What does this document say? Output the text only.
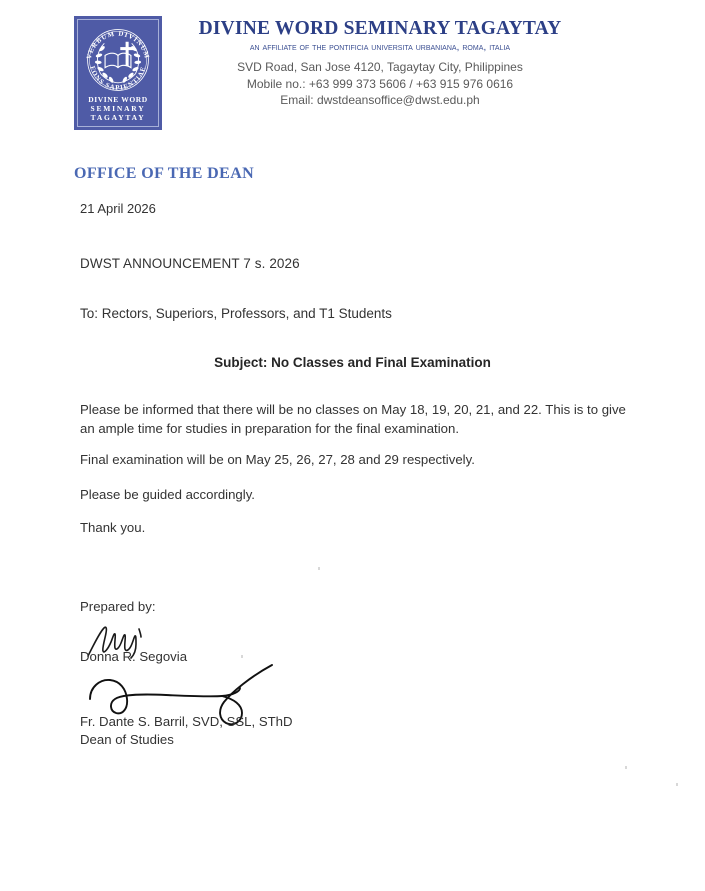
VERBUM DIVINUM
FONS SAPIENTIAE
DIVINE WORD
SEMINARY
TAGAYTAY
DIVINE WORD SEMINARY TAGAYTAY
an affiliate of the pontificia universita urbaniana, roma, italia
SVD Road, San Jose 4120, Tagaytay City, Philippines
Mobile no.: +63 999 373 5606 / +63 915 976 0616
Email: dwstdeansoffice@dwst.edu.ph
OFFICE OF THE DEAN
21 April 2026
DWST ANNOUNCEMENT 7 s. 2026
To: Rectors, Superiors, Professors, and T1 Students
Subject: No Classes and Final Examination
Please be informed that there will be no classes on May 18, 19, 20, 21, and 22. This is to give an ample time for studies in preparation for the final examination.
Final examination will be on May 25, 26, 27, 28 and 29 respectively.
Please be guided accordingly.
Thank you.
Prepared by:
Donna R. Segovia
Fr. Dante S. Barril, SVD, SSL, SThD
Dean of Studies
